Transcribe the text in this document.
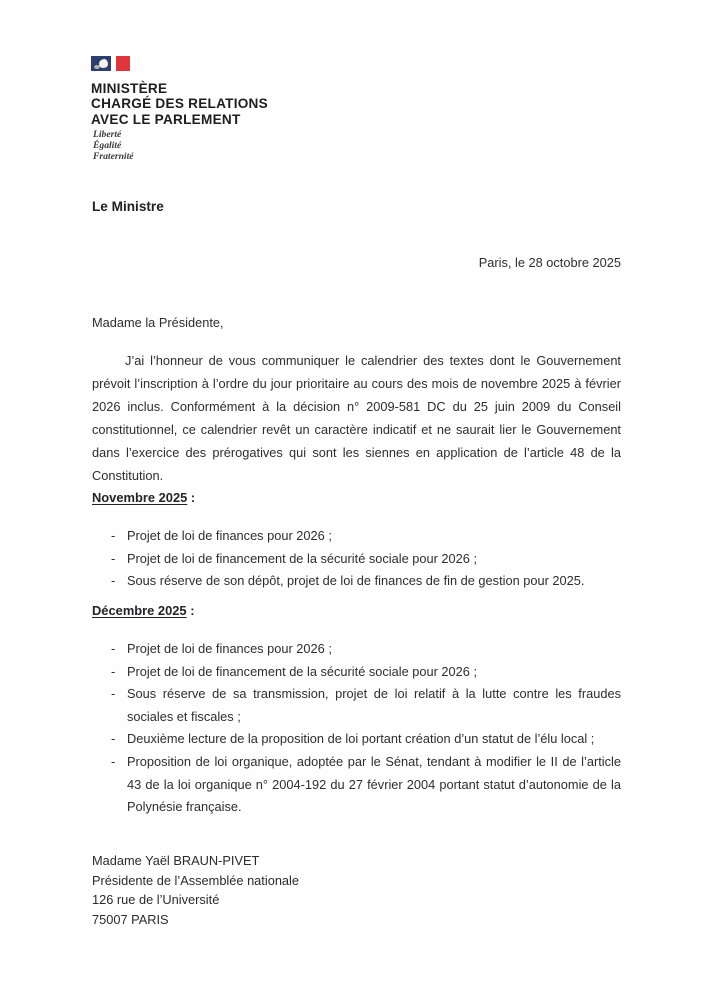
MINISTÈRE
CHARGÉ DES RELATIONS
AVEC LE PARLEMENT
Liberté
Égalité
Fraternité
Le Ministre
Paris, le 28 octobre 2025
Madame la Présidente,
J’ai l’honneur de vous communiquer le calendrier des textes dont le Gouvernement prévoit l’inscription à l’ordre du jour prioritaire au cours des mois de novembre 2025 à février 2026 inclus. Conformément à la décision n° 2009-581 DC du 25 juin 2009 du Conseil constitutionnel, ce calendrier revêt un caractère indicatif et ne saurait lier le Gouvernement dans l’exercice des prérogatives qui sont les siennes en application de l’article 48 de la Constitution.
Novembre 2025 :
- Projet de loi de finances pour 2026 ;
- Projet de loi de financement de la sécurité sociale pour 2026 ;
- Sous réserve de son dépôt, projet de loi de finances de fin de gestion pour 2025.
Décembre 2025 :
- Projet de loi de finances pour 2026 ;
- Projet de loi de financement de la sécurité sociale pour 2026 ;
- Sous réserve de sa transmission, projet de loi relatif à la lutte contre les fraudes sociales et fiscales ;
- Deuxième lecture de la proposition de loi portant création d’un statut de l’élu local ;
- Proposition de loi organique, adoptée par le Sénat, tendant à modifier le II de l’article 43 de la loi organique n° 2004-192 du 27 février 2004 portant statut d’autonomie de la Polynésie française.
Madame Yaël BRAUN-PIVET
Présidente de l’Assemblée nationale
126 rue de l’Université
75007 PARIS
